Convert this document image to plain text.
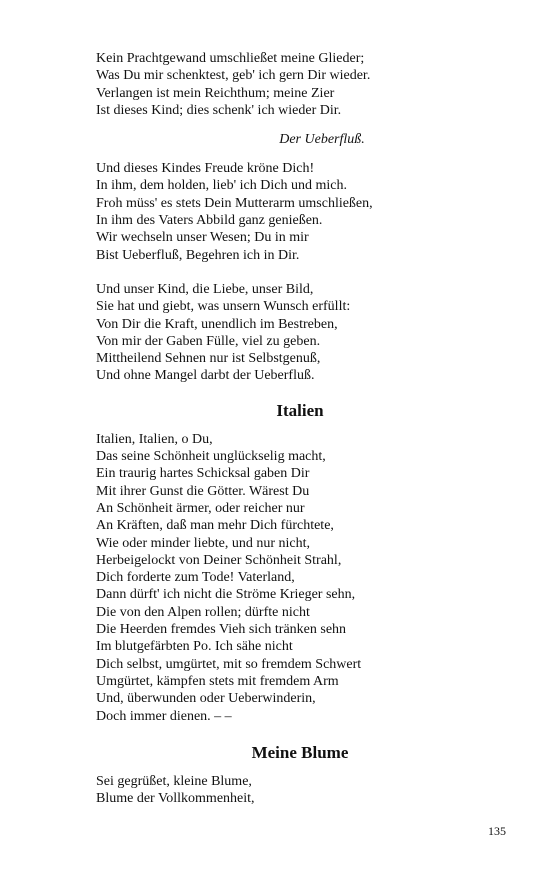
Kein Prachtgewand umschließet meine Glieder;
Was Du mir schenktest, geb' ich gern Dir wieder.
Verlangen ist mein Reichthum; meine Zier
Ist dieses Kind; dies schenk' ich wieder Dir.
Der Ueberfluß.
Und dieses Kindes Freude kröne Dich!
In ihm, dem holden, lieb' ich Dich und mich.
Froh müss' es stets Dein Mutterarm umschließen,
In ihm des Vaters Abbild ganz genießen.
Wir wechseln unser Wesen; Du in mir
Bist Ueberfluß, Begehren ich in Dir.
Und unser Kind, die Liebe, unser Bild,
Sie hat und giebt, was unsern Wunsch erfüllt:
Von Dir die Kraft, unendlich im Bestreben,
Von mir der Gaben Fülle, viel zu geben.
Mittheilend Sehnen nur ist Selbstgenuß,
Und ohne Mangel darbt der Ueberfluß.
Italien
Italien, Italien, o Du,
Das seine Schönheit unglückselig macht,
Ein traurig hartes Schicksal gaben Dir
Mit ihrer Gunst die Götter. Wärest Du
An Schönheit ärmer, oder reicher nur
An Kräften, daß man mehr Dich fürchtete,
Wie oder minder liebte, und nur nicht,
Herbeigelockt von Deiner Schönheit Strahl,
Dich forderte zum Tode! Vaterland,
Dann dürft' ich nicht die Ströme Krieger sehn,
Die von den Alpen rollen; dürfte nicht
Die Heerden fremdes Vieh sich tränken sehn
Im blutgefärbten Po. Ich sähe nicht
Dich selbst, umgürtet, mit so fremdem Schwert
Umgürtet, kämpfen stets mit fremdem Arm
Und, überwunden oder Ueberwinderin,
Doch immer dienen. – –
Meine Blume
Sei gegrüßet, kleine Blume,
Blume der Vollkommenheit,
135
